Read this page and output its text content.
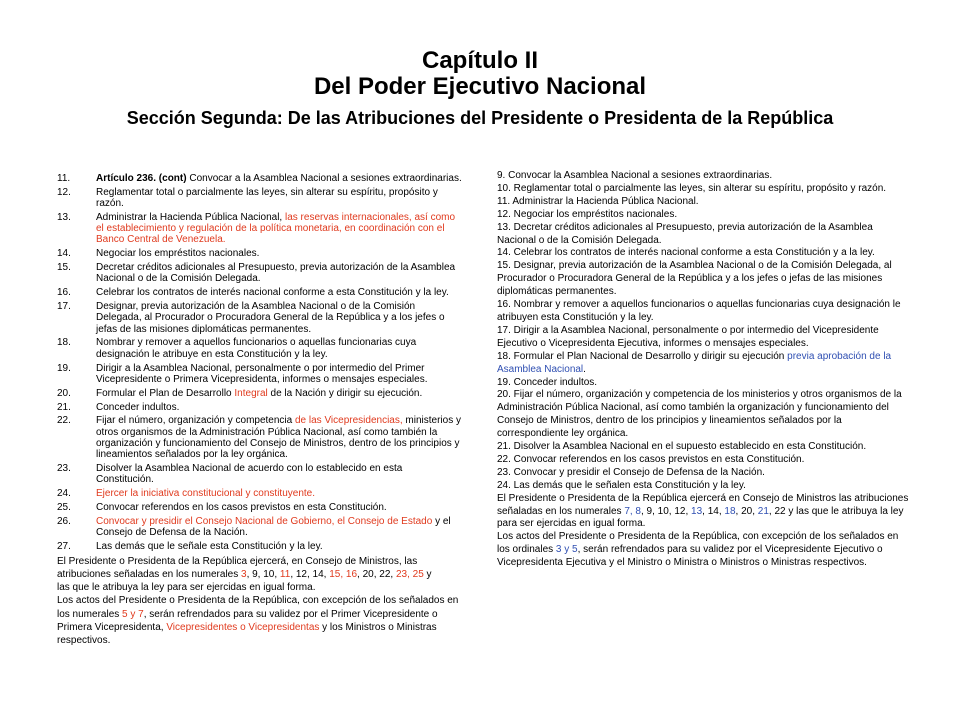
Capítulo II
Del Poder Ejecutivo Nacional
Sección Segunda: De las Atribuciones del Presidente o Presidenta de la República
11.	Artículo 236. (cont) Convocar a la Asamblea Nacional a sesiones extraordinarias.
12.	Reglamentar total o parcialmente las leyes, sin alterar su espíritu, propósito y razón.
13.	Administrar la Hacienda Pública Nacional, las reservas internacionales, así como el establecimiento y regulación de la política monetaria, en coordinación con el Banco Central de Venezuela.
14.	Negociar los empréstitos nacionales.
15.	Decretar créditos adicionales al Presupuesto, previa autorización de la Asamblea Nacional o de la Comisión Delegada.
16.	Celebrar los contratos de interés nacional conforme a esta Constitución y la ley.
17.	Designar, previa autorización de la Asamblea Nacional o de la Comisión Delegada, al Procurador o Procuradora General de la República y a los jefes o jefas de las misiones diplomáticas permanentes.
18.	Nombrar y remover a aquellos funcionarios o aquellas funcionarias cuya designación le atribuye en esta Constitución y la ley.
19.	Dirigir a la Asamblea Nacional, personalmente o por intermedio del Primer Vicepresidente o Primera Vicepresidenta, informes o mensajes especiales.
20.	Formular el Plan de Desarrollo Integral de la Nación y dirigir su ejecución.
21.	Conceder indultos.
22.	Fijar el número, organización y competencia de las Vicepresidencias, ministerios y otros organismos de la Administración Pública Nacional, así como también la organización y funcionamiento del Consejo de Ministros, dentro de los principios y lineamientos señalados por la ley orgánica.
23.	Disolver la Asamblea Nacional de acuerdo con lo establecido en esta Constitución.
24.	Ejercer la iniciativa constitucional y constituyente.
25.	Convocar referendos en los casos previstos en esta Constitución.
26.	Convocar y presidir el Consejo Nacional de Gobierno, el Consejo de Estado y el Consejo de Defensa de la Nación.
27.	Las demás que le señale esta Constitución y la ley.
El Presidente o Presidenta de la República ejercerá, en Consejo de Ministros, las atribuciones señaladas en los numerales 3, 9, 10, 11, 12, 14, 15, 16, 20, 22, 23, 25 y
las que le atribuya la ley para ser ejercidas en igual forma.
Los actos del Presidente o Presidenta de la República, con excepción de los señalados en los numerales 5 y 7, serán refrendados para su validez por el Primer Vicepresidente o Primera Vicepresidenta, Vicepresidentes o Vicepresidentas y los Ministros o Ministras respectivos.
9. Convocar la Asamblea Nacional a sesiones extraordinarias.
10. Reglamentar total o parcialmente las leyes, sin alterar su espíritu, propósito y razón.
11. Administrar la Hacienda Pública Nacional.
12. Negociar los empréstitos nacionales.
13. Decretar créditos adicionales al Presupuesto, previa autorización de la Asamblea Nacional o de la Comisión Delegada.
14. Celebrar los contratos de interés nacional conforme a esta Constitución y a la ley.
15. Designar, previa autorización de la Asamblea Nacional o de la Comisión Delegada, al Procurador o Procuradora General de la República y a los jefes o jefas de las misiones diplomáticas permanentes.
16. Nombrar y remover a aquellos funcionarios o aquellas funcionarias cuya designación le atribuyen esta Constitución y la ley.
17. Dirigir a la Asamblea Nacional, personalmente o por intermedio del Vicepresidente Ejecutivo o Vicepresidenta Ejecutiva, informes o mensajes especiales.
18. Formular el Plan Nacional de Desarrollo y dirigir su ejecución previa aprobación de la Asamblea Nacional.
19. Conceder indultos.
20. Fijar el número, organización y competencia de los ministerios y otros organismos de la Administración Pública Nacional, así como también la organización y funcionamiento del Consejo de Ministros, dentro de los principios y lineamientos señalados por la correspondiente ley orgánica.
21. Disolver la Asamblea Nacional en el supuesto establecido en esta Constitución.
22. Convocar referendos en los casos previstos en esta Constitución.
23. Convocar y presidir el Consejo de Defensa de la Nación.
24. Las demás que le señalen esta Constitución y la ley.
El Presidente o Presidenta de la República ejercerá en Consejo de Ministros las atribuciones señaladas en los numerales 7, 8, 9, 10, 12, 13, 14, 18, 20, 21, 22 y las que le atribuya la ley para ser ejercidas en igual forma.
Los actos del Presidente o Presidenta de la República, con excepción de los señalados en los ordinales 3 y 5, serán refrendados para su validez por el Vicepresidente Ejecutivo o Vicepresidenta Ejecutiva y el Ministro o Ministra o Ministros o Ministras respectivos.
